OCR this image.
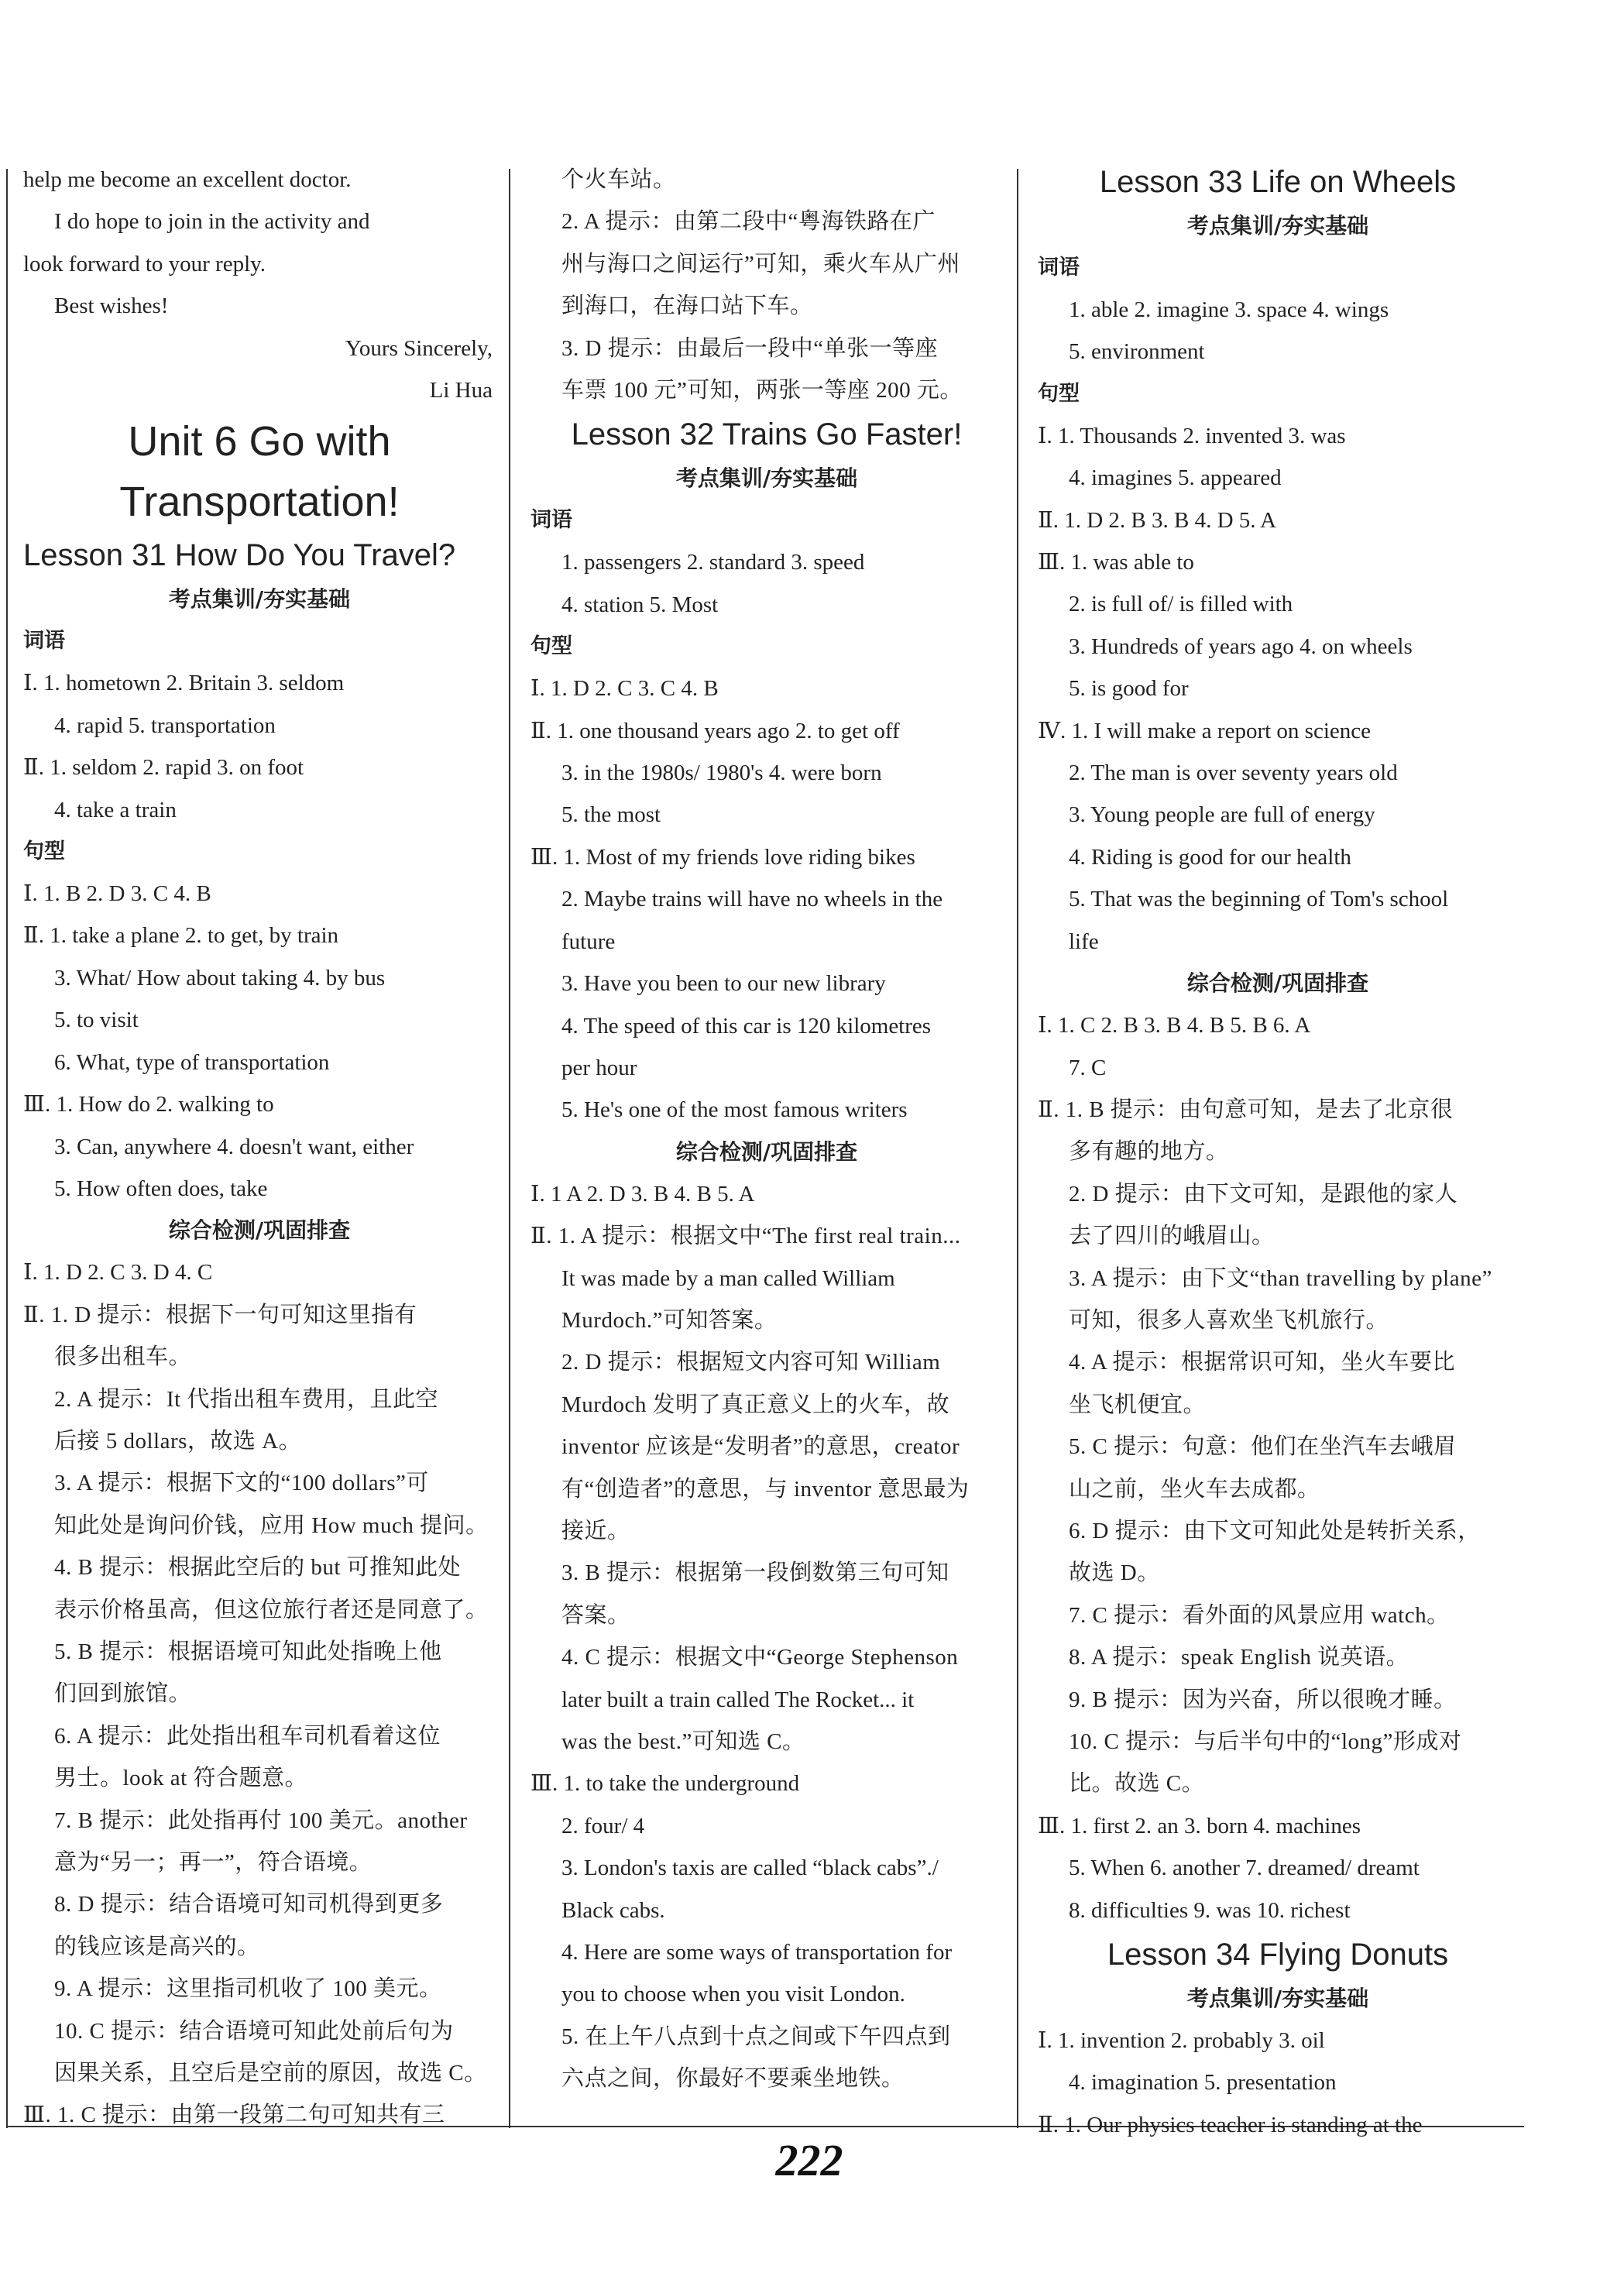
help me become an excellent doctor.
I do hope to join in the activity and
look forward to your reply.
Best wishes!
Yours Sincerely,
Li Hua
Unit 6 Go with
Transportation!
Lesson 31 How Do You Travel?
考点集训/夯实基础
词语
Ⅰ. 1. hometown 2. Britain 3. seldom
4. rapid 5. transportation
Ⅱ. 1. seldom 2. rapid 3. on foot
4. take a train
句型
Ⅰ. 1. B 2. D 3. C 4. B
Ⅱ. 1. take a plane 2. to get, by train
3. What/ How about taking 4. by bus
5. to visit
6. What, type of transportation
Ⅲ. 1. How do 2. walking to
3. Can, anywhere 4. doesn't want, either
5. How often does, take
综合检测/巩固排查
Ⅰ. 1. D 2. C 3. D 4. C
Ⅱ. 1. D 提示：根据下一句可知这里指有
很多出租车。
2. A 提示：It 代指出租车费用，且此空
后接 5 dollars，故选 A。
3. A 提示：根据下文的“100 dollars”可
知此处是询问价钱，应用 How much 提问。
4. B 提示：根据此空后的 but 可推知此处
表示价格虽高，但这位旅行者还是同意了。
5. B 提示：根据语境可知此处指晚上他
们回到旅馆。
6. A 提示：此处指出租车司机看着这位
男士。look at 符合题意。
7. B 提示：此处指再付 100 美元。another
意为“另一；再一”，符合语境。
8. D 提示：结合语境可知司机得到更多
的钱应该是高兴的。
9. A 提示：这里指司机收了 100 美元。
10. C 提示：结合语境可知此处前后句为
因果关系，且空后是空前的原因，故选 C。
Ⅲ. 1. C 提示：由第一段第二句可知共有三
个火车站。
2. A 提示：由第二段中“粤海铁路在广
州与海口之间运行”可知，乘火车从广州
到海口，在海口站下车。
3. D 提示：由最后一段中“单张一等座
车票 100 元”可知，两张一等座 200 元。
Lesson 32 Trains Go Faster!
考点集训/夯实基础
词语
1. passengers 2. standard 3. speed
4. station 5. Most
句型
Ⅰ. 1. D 2. C 3. C 4. B
Ⅱ. 1. one thousand years ago 2. to get off
3. in the 1980s/ 1980's 4. were born
5. the most
Ⅲ. 1. Most of my friends love riding bikes
2. Maybe trains will have no wheels in the
future
3. Have you been to our new library
4. The speed of this car is 120 kilometres
per hour
5. He's one of the most famous writers
综合检测/巩固排查
Ⅰ. 1 A 2. D 3. B 4. B 5. A
Ⅱ. 1. A 提示：根据文中“The first real train...
It was made by a man called William
Murdoch.”可知答案。
2. D 提示：根据短文内容可知 William
Murdoch 发明了真正意义上的火车，故
inventor 应该是“发明者”的意思，creator
有“创造者”的意思，与 inventor 意思最为
接近。
3. B 提示：根据第一段倒数第三句可知
答案。
4. C 提示：根据文中“George Stephenson
later built a train called The Rocket... it
was the best.”可知选 C。
Ⅲ. 1. to take the underground
2. four/ 4
3. London's taxis are called “black cabs”./
Black cabs.
4. Here are some ways of transportation for
you to choose when you visit London.
5. 在上午八点到十点之间或下午四点到
六点之间，你最好不要乘坐地铁。
Lesson 33 Life on Wheels
考点集训/夯实基础
词语
1. able 2. imagine 3. space 4. wings
5. environment
句型
Ⅰ. 1. Thousands 2. invented 3. was
4. imagines 5. appeared
Ⅱ. 1. D 2. B 3. B 4. D 5. A
Ⅲ. 1. was able to
2. is full of/ is filled with
3. Hundreds of years ago 4. on wheels
5. is good for
Ⅳ. 1. I will make a report on science
2. The man is over seventy years old
3. Young people are full of energy
4. Riding is good for our health
5. That was the beginning of Tom's school
life
综合检测/巩固排查
Ⅰ. 1. C 2. B 3. B 4. B 5. B 6. A
7. C
Ⅱ. 1. B 提示：由句意可知，是去了北京很
多有趣的地方。
2. D 提示：由下文可知，是跟他的家人
去了四川的峨眉山。
3. A 提示：由下文“than travelling by plane”
可知，很多人喜欢坐飞机旅行。
4. A 提示：根据常识可知，坐火车要比
坐飞机便宜。
5. C 提示：句意：他们在坐汽车去峨眉
山之前，坐火车去成都。
6. D 提示：由下文可知此处是转折关系，
故选 D。
7. C 提示：看外面的风景应用 watch。
8. A 提示：speak English 说英语。
9. B 提示：因为兴奋，所以很晚才睡。
10. C 提示：与后半句中的“long”形成对
比。故选 C。
Ⅲ. 1. first 2. an 3. born 4. machines
5. When 6. another 7. dreamed/ dreamt
8. difficulties 9. was 10. richest
Lesson 34 Flying Donuts
考点集训/夯实基础
Ⅰ. 1. invention 2. probably 3. oil
4. imagination 5. presentation
Ⅱ. 1. Our physics teacher is standing at the
222
